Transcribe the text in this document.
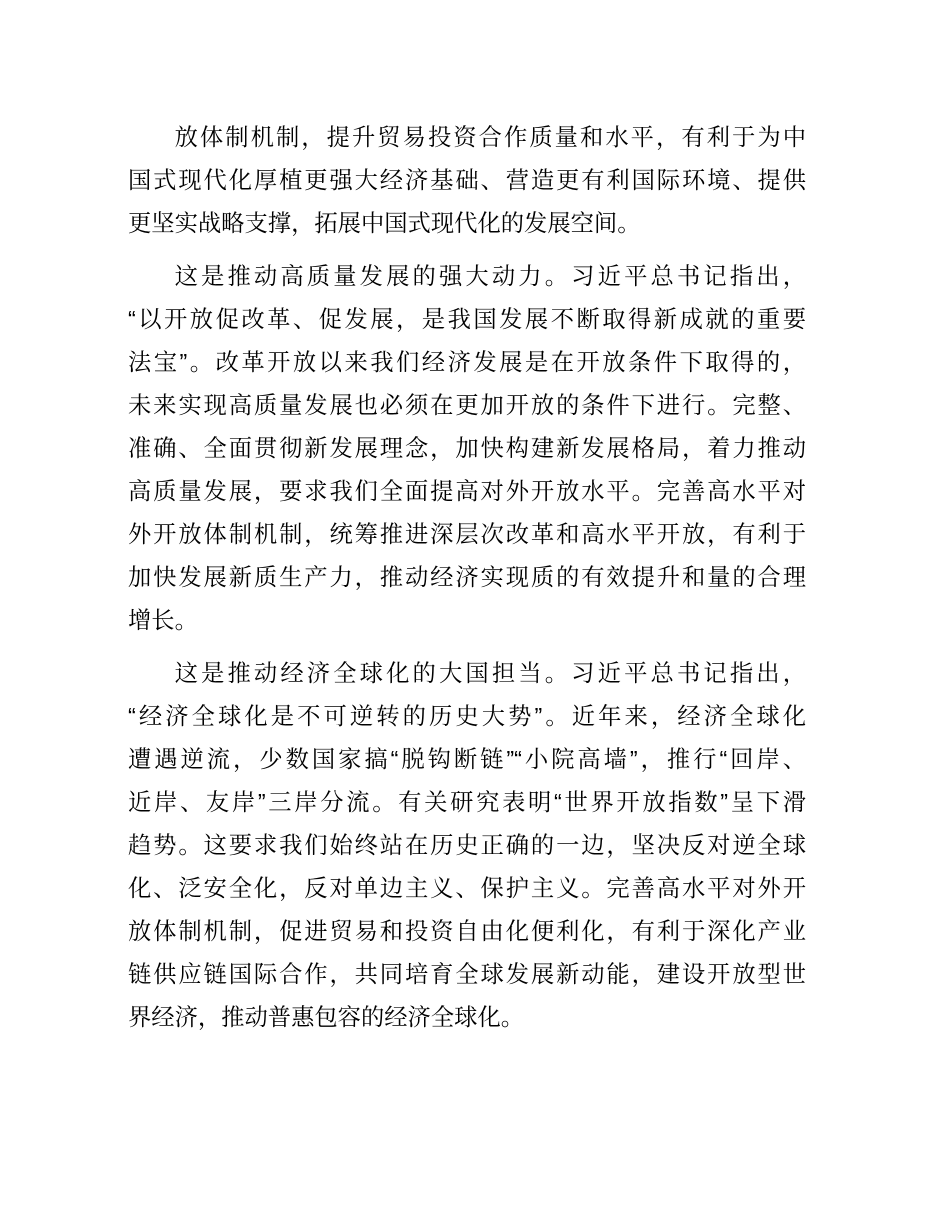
放体制机制，提升贸易投资合作质量和水平，有利于为中
国式现代化厚植更强大经济基础、营造更有利国际环境、提供
更坚实战略支撑，拓展中国式现代化的发展空间。

这是推动高质量发展的强大动力。习近平总书记指出，
“以开放促改革、促发展，是我国发展不断取得新成就的重要
法宝”。改革开放以来我们经济发展是在开放条件下取得的，
未来实现高质量发展也必须在更加开放的条件下进行。完整、
准确、全面贯彻新发展理念，加快构建新发展格局，着力推动
高质量发展，要求我们全面提高对外开放水平。完善高水平对
外开放体制机制，统筹推进深层次改革和高水平开放，有利于
加快发展新质生产力，推动经济实现质的有效提升和量的合理
增长。

这是推动经济全球化的大国担当。习近平总书记指出，
“经济全球化是不可逆转的历史大势”。近年来，经济全球化
遭遇逆流，少数国家搞“脱钩断链”“小院高墙”，推行“回岸、
近岸、友岸”三岸分流。有关研究表明“世界开放指数”呈下滑
趋势。这要求我们始终站在历史正确的一边，坚决反对逆全球
化、泛安全化，反对单边主义、保护主义。完善高水平对外开
放体制机制，促进贸易和投资自由化便利化，有利于深化产业
链供应链国际合作，共同培育全球发展新动能，建设开放型世
界经济，推动普惠包容的经济全球化。
